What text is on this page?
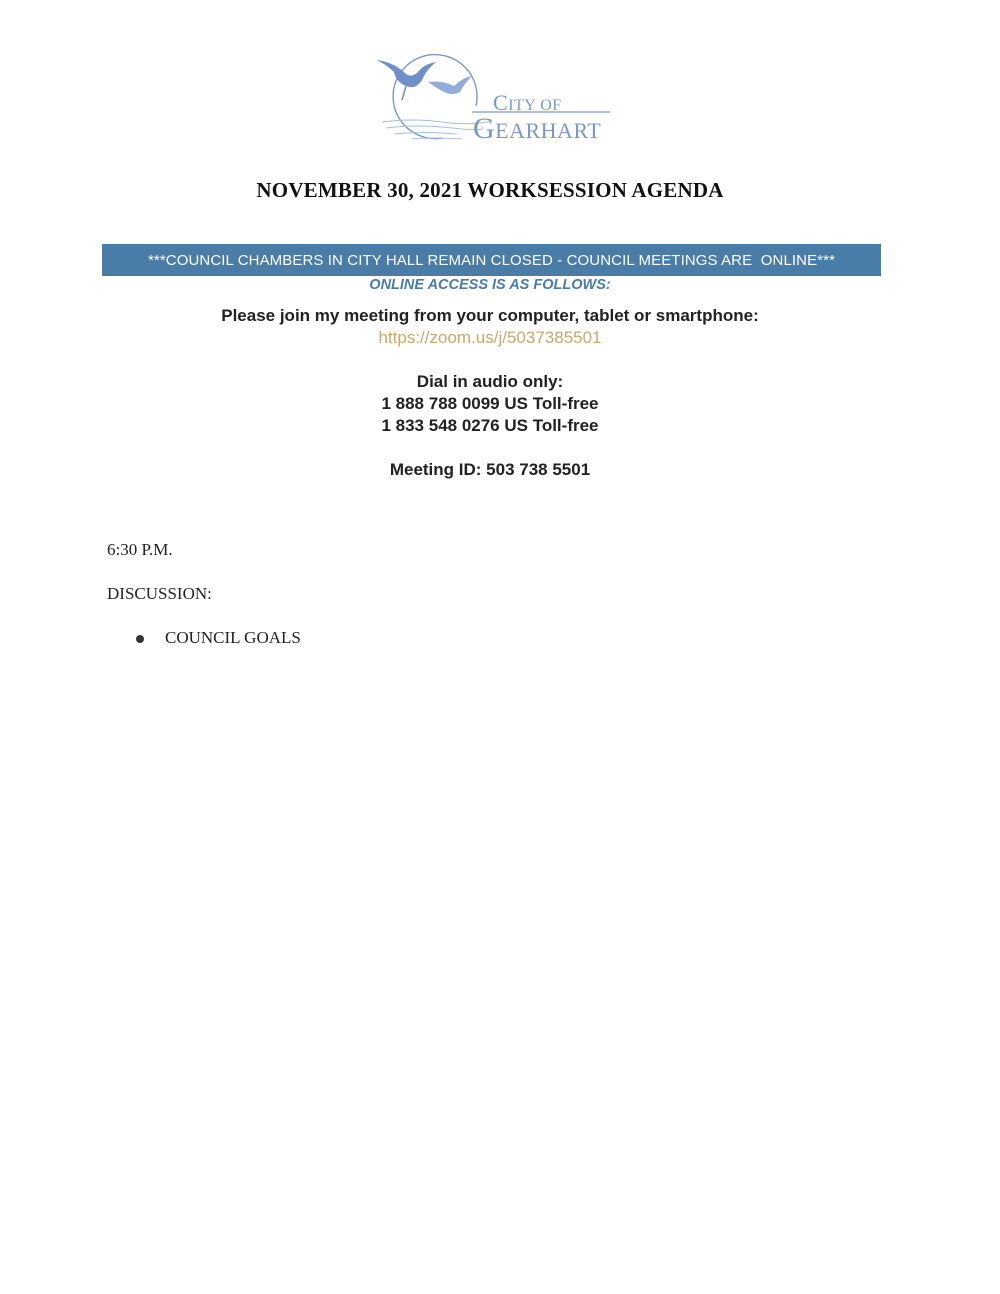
CITY OF
GEARHART
NOVEMBER 30, 2021 WORKSESSION AGENDA
***COUNCIL CHAMBERS IN CITY HALL REMAIN CLOSED - COUNCIL MEETINGS ARE  ONLINE***
ONLINE ACCESS IS AS FOLLOWS:
Please join my meeting from your computer, tablet or smartphone:
https://zoom.us/j/5037385501
Dial in audio only:
1 888 788 0099 US Toll-free
1 833 548 0276 US Toll-free
Meeting ID: 503 738 5501
6:30 P.M.
DISCUSSION:
COUNCIL GOALS
